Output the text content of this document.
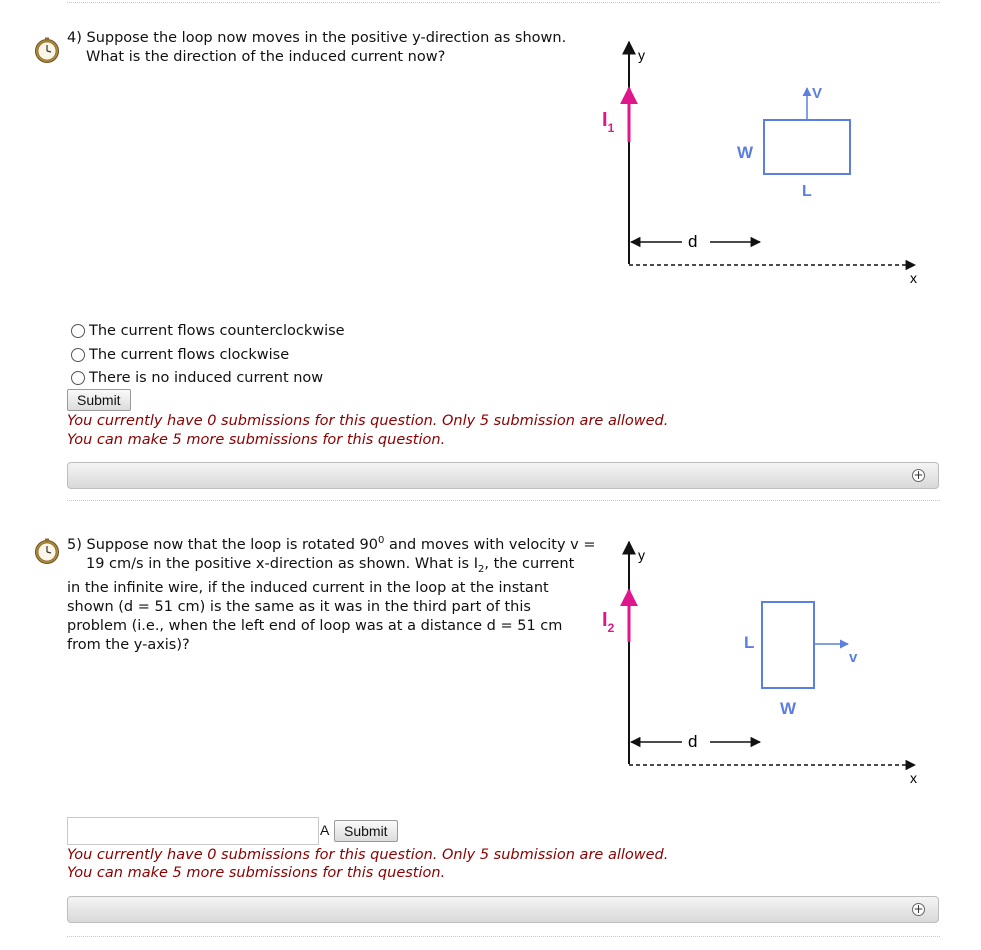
4) Suppose the loop now moves in the positive y-direction as shown.
What is the direction of the induced current now?	y
$I_1$
V
W
L
d
x
The current flows counterclockwise
The current flows clockwise
There is no induced current now
Submit
You currently have 0 submissions for this question. Only 5 submission are allowed.
You can make 5 more submissions for this question.
+
5) Suppose now that the loop is rotated $90^0$ and moves with velocity v =
19 cm/s in the positive x-direction as shown. What is $I_2$, the current
in the infinite wire, if the induced current in the loop at the instant
shown (d = 51 cm) is the same as it was in the third part of this
problem (i.e., when the left end of loop was at a distance d = 51 cm
from the y-axis)?
y
$I_2$
v
L
W
d
x
A	Submit
You currently have 0 submissions for this question. Only 5 submission are allowed.
You can make 5 more submissions for this question.
+
